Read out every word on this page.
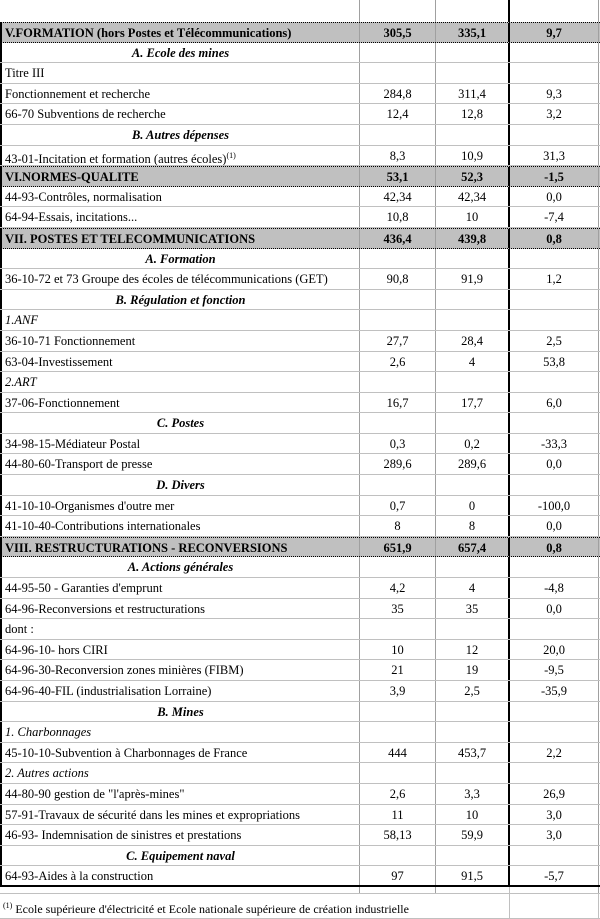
V.FORMATION (hors Postes et Télécommunications)	305,5	335,1	9,7
A. Ecole des mines
Titre III
Fonctionnement et recherche	284,8	311,4	9,3
66-70 Subventions de recherche	12,4	12,8	3,2
B. Autres dépenses
43-01-Incitation et formation (autres écoles)$^{(1)}$	8,3	10,9	31,3
VI.NORMES-QUALITE	53,1	52,3	-1,5
44-93-Contrôles, normalisation	42,34	42,34	0,0
64-94-Essais, incitations...	10,8	10	-7,4
VII. POSTES ET TELECOMMUNICATIONS	436,4	439,8	0,8
A. Formation
36-10-72 et 73 Groupe des écoles de télécommunications (GET)	90,8	91,9	1,2
B. Régulation et fonction
1.ANF
36-10-71 Fonctionnement	27,7	28,4	2,5
63-04-Investissement	2,6	4	53,8
2.ART
37-06-Fonctionnement	16,7	17,7	6,0
C. Postes
34-98-15-Médiateur Postal	0,3	0,2	-33,3
44-80-60-Transport de presse	289,6	289,6	0,0
D. Divers
41-10-10-Organismes d'outre mer	0,7	0	-100,0
41-10-40-Contributions internationales	8	8	0,0
VIII. RESTRUCTURATIONS - RECONVERSIONS	651,9	657,4	0,8
A. Actions générales
44-95-50 - Garanties d'emprunt	4,2	4	-4,8
64-96-Reconversions et restructurations	35	35	0,0
dont :
64-96-10- hors CIRI	10	12	20,0
64-96-30-Reconversion zones minières (FIBM)	21	19	-9,5
64-96-40-FIL (industrialisation Lorraine)	3,9	2,5	-35,9
B. Mines
1. Charbonnages
45-10-10-Subvention à Charbonnages de France	444	453,7	2,2
2. Autres actions
44-80-90 gestion de "l'après-mines"	2,6	3,3	26,9
57-91-Travaux de sécurité dans les mines et expropriations	11	10	3,0
46-93- Indemnisation de sinistres et prestations	58,13	59,9	3,0
C. Equipement naval
64-93-Aides à la construction	97	91,5	-5,7
$^{(1)}$ Ecole supérieure d'électricité et Ecole nationale supérieure de création industrielle
